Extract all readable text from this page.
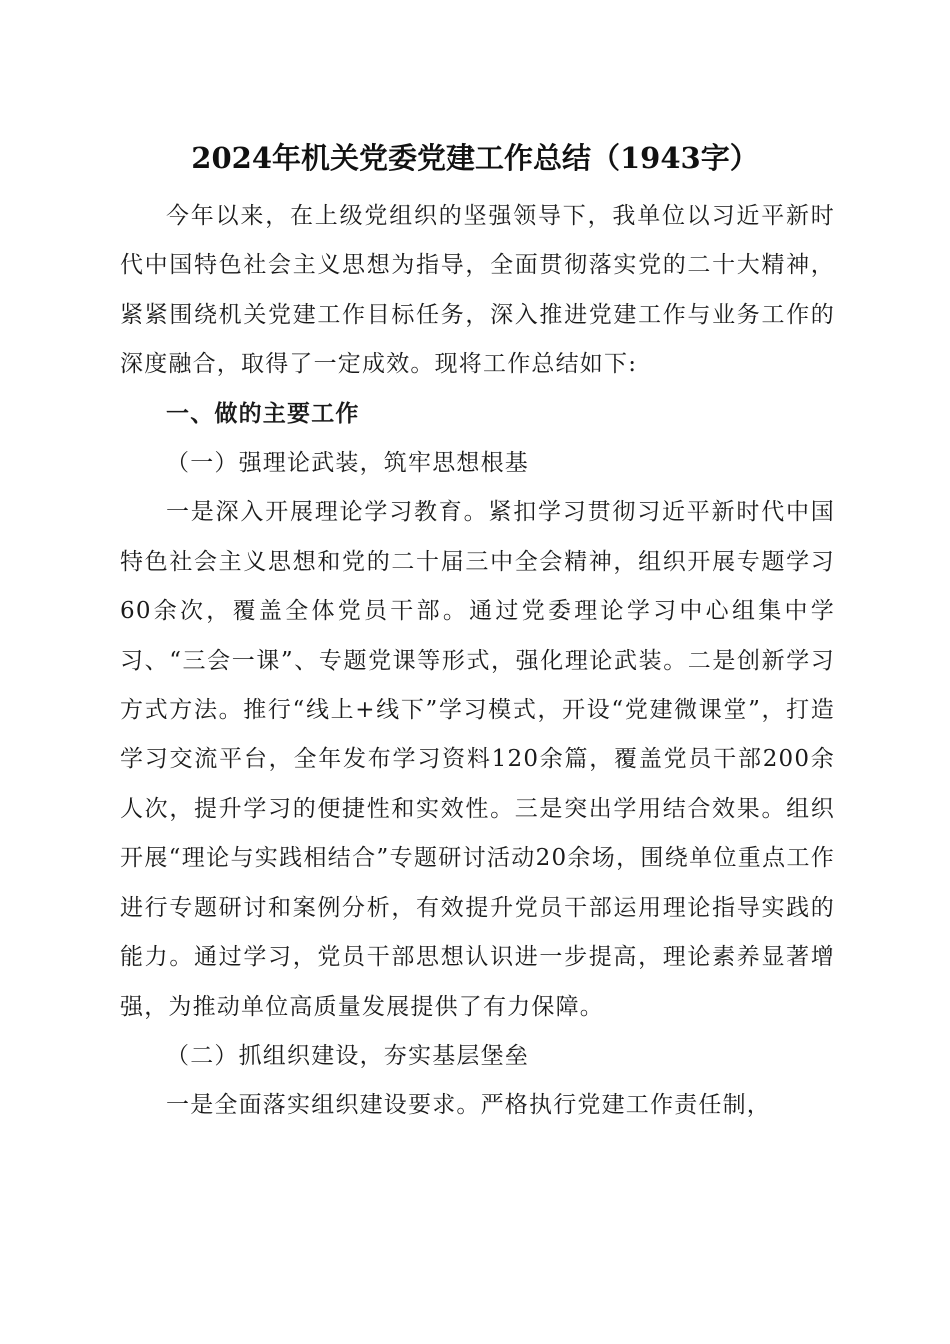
2024年机关党委党建工作总结（1943字）

今年以来，在上级党组织的坚强领导下，我单位以习近平新时代中国特色社会主义思想为指导，全面贯彻落实党的二十大精神，紧紧围绕机关党建工作目标任务，深入推进党建工作与业务工作的深度融合，取得了一定成效。现将工作总结如下:

一、做的主要工作

（一）强理论武装，筑牢思想根基

一是深入开展理论学习教育。紧扣学习贯彻习近平新时代中国特色社会主义思想和党的二十届三中全会精神，组织开展专题学习60余次，覆盖全体党员干部。通过党委理论学习中心组集中学习、“三会一课”、专题党课等形式，强化理论武装。二是创新学习方式方法。推行“线上+线下”学习模式，开设“党建微课堂”，打造学习交流平台，全年发布学习资料120余篇，覆盖党员干部200余人次，提升学习的便捷性和实效性。三是突出学用结合效果。组织开展“理论与实践相结合”专题研讨活动20余场，围绕单位重点工作进行专题研讨和案例分析，有效提升党员干部运用理论指导实践的能力。通过学习，党员干部思想认识进一步提高，理论素养显著增强，为推动单位高质量发展提供了有力保障。

（二）抓组织建设，夯实基层堡垒

一是全面落实组织建设要求。严格执行党建工作责任制，
